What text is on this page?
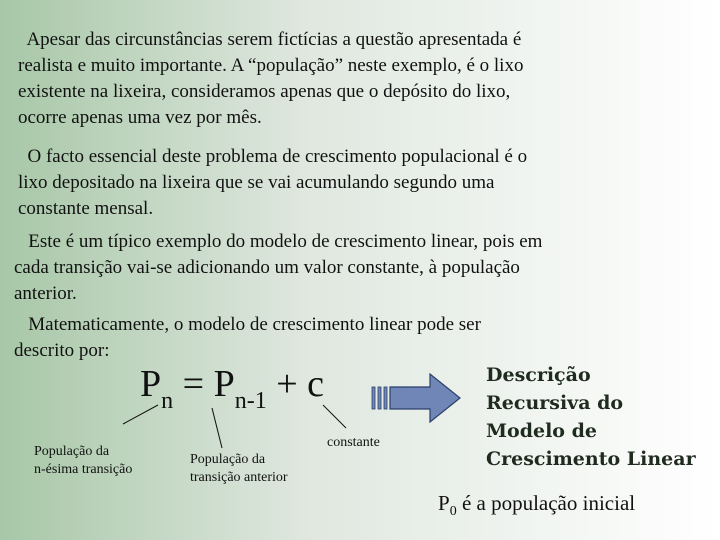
Apesar das circunstâncias serem fictícias a questão apresentada é
realista e muito importante. A “população” neste exemplo, é o lixo
existente na lixeira, consideramos apenas que o depósito do lixo,
ocorre apenas uma vez por mês.

O facto essencial deste problema de crescimento populacional é o
lixo depositado na lixeira que se vai acumulando segundo uma
constante mensal.

Este é um típico exemplo do modelo de crescimento linear, pois em
cada transição vai-se adicionando um valor constante, à população
anterior.

Matematicamente, o modelo de crescimento linear pode ser
descrito por:

$P_n = P_{n-1} + c$
População da
n-ésima transição
População da
transição anterior
constante
Descrição
Recursiva do
Modelo de
Crescimento Linear
$P_0$ é a população inicial
